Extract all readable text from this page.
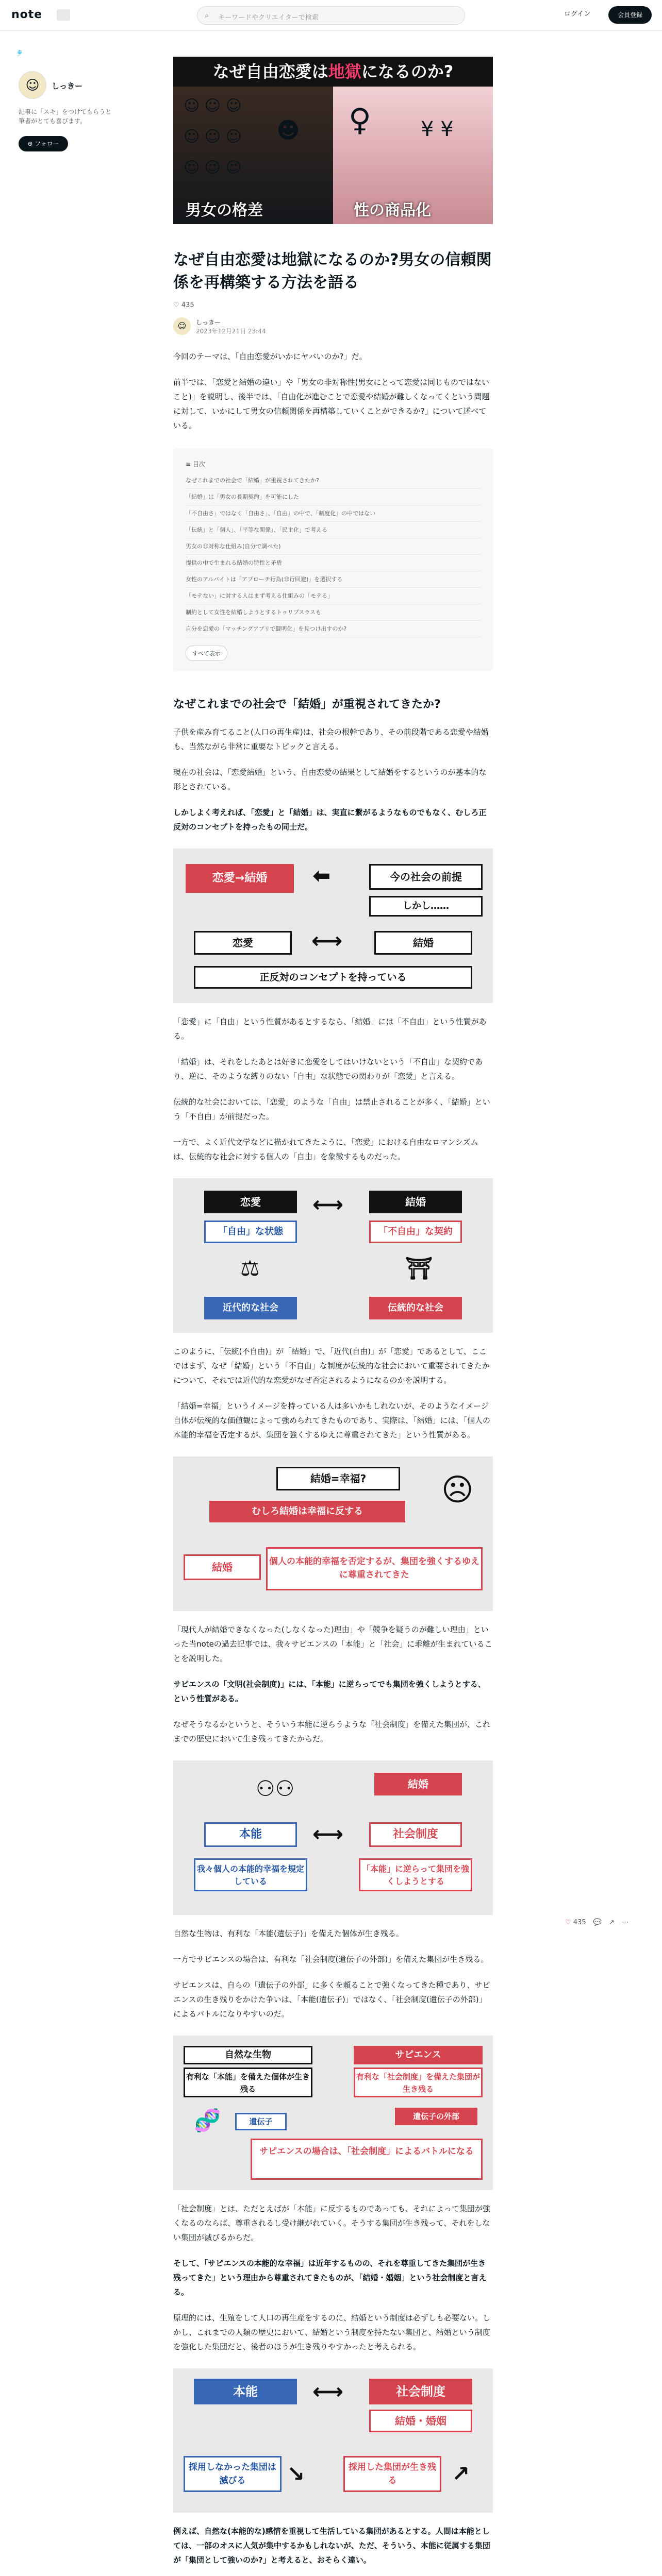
note	⌕ キーワードやクリエイターで検索	ログイン	会員登録
🎐
☺	しっきー
記事に「スキ」をつけてもらうと筆者がとても喜びます。
⊕ フォロー
なぜ自由恋愛は地獄になるのか?
☺ ☺ ☺
☺ ☺ ☺
☺ ☺ ☺
☻
男女の格差
♀ ¥ ¥
性の商品化
なぜ自由恋愛は地獄になるのか?男女の信頼関係を再構築する方法を語る
♡ 435
☺	しっきー
2023年12月21日 23:44

今回のテーマは、「自由恋愛がいかにヤバいのか?」だ。

前半では、「恋愛と結婚の違い」や「男女の非対称性(男女にとって恋愛は同じものではないこと)」を説明し、後半では、「自由化が進むことで恋愛や結婚が難しくなってくという問題に対して、いかにして男女の信頼関係を再構築していくことができるか?」について述べている。

≡ 目次
なぜこれまでの社会で「結婚」が重視されてきたか?
「結婚」は「男女の長期契約」を可能にした
「不自由さ」ではなく「自由さ」、「自由」の中で、「制度化」の中ではない
「伝統」と「個人」、「平等な関係」、「民主化」で考える
男女の非対称な仕組み(自分で調べた)
提供の中で生まれる結婚の特性と矛盾
女性のアルバイトは「アプローチ行為(非行回避)」を選択する
「モテない」に対する人はまず考える仕組みの「モテる」
制約として女性を結婚しようとするトゥリプスラスも
自分を恋愛の「マッチングアプリで賢明化」を見つけ出すのか?
すべて表示
なぜこれまでの社会で「結婚」が重視されてきたか?

子供を産み育てること(人口の再生産)は、社会の根幹であり、その前段階である恋愛や結婚も、当然ながら非常に重要なトピックと言える。

現在の社会は、「恋愛結婚」という、自由恋愛の結果として結婚をするというのが基本的な形とされている。

しかしよく考えれば、「恋愛」と「結婚」は、実直に繋がるようなものでもなく、むしろ正反対のコンセプトを持ったもの同士だ。

恋愛→結婚	今の社会の前提
⬅
しかし……
恋愛	⟷	結婚
正反対のコンセプトを持っている

「恋愛」に「自由」という性質があるとするなら、「結婚」には「不自由」という性質がある。

「結婚」は、それをしたあとは好きに恋愛をしてはいけないという「不自由」な契約であり、逆に、そのような縛りのない「自由」な状態での関わりが「恋愛」と言える。

伝統的な社会においては、「恋愛」のような「自由」は禁止されることが多く、「結婚」という「不自由」が前提だった。

一方で、よく近代文学などに描かれてきたように、「恋愛」における自由なロマンシズムは、伝統的な社会に対する個人の「自由」を象徴するものだった。

恋愛	結婚
⟷
「自由」な状態	「不自由」な契約
⚖	⛩
近代的な社会	伝統的な社会

このように、「伝統(不自由)」が「結婚」で、「近代(自由)」が「恋愛」であるとして、ここではまず、なぜ「結婚」という「不自由」な制度が伝統的な社会において重要されてきたかについて、それでは近代的な恋愛がなぜ否定されるようになるのかを説明する。

「結婚=幸福」というイメージを持っている人は多いかもしれないが、そのようなイメージ自体が伝統的な価値観によって強められてきたものであり、実際は、「結婚」には、「個人の本能的幸福を否定するが、集団を強くするゆえに尊重されてきた」という性質がある。

結婚=幸福?	☹
むしろ結婚は幸福に反する
結婚	個人の本能的幸福を否定するが、集団を強くするゆえに尊重されてきた

「現代人が結婚できなくなった(しなくなった)理由」や「競争を疑うのが難しい理由」といった当noteの過去記事では、我々サピエンスの「本能」と「社会」に乖離が生まれていることを説明した。

サピエンスの「文明(社会制度)」には、「本能」に逆らってでも集団を強くしようとする、という性質がある。

なぜそうなるかというと、そういう本能に逆らうような「社会制度」を備えた集団が、これまでの歴史において生き残ってきたからだ。

結婚
⚇⚇
本能	⟷	社会制度
我々個人の本能的幸福を規定している
「本能」に逆らって集団を強くしようとする

自然な生物は、有利な「本能(遺伝子)」を備えた個体が生き残る。

一方でサピエンスの場合は、有利な「社会制度(遺伝子の外部)」を備えた集団が生き残る。

サピエンスは、自らの「遺伝子の外部」に多くを頼ることで強くなってきた種であり、サピエンスの生き残りをかけた争いは、「本能(遺伝子)」ではなく、「社会制度(遺伝子の外部)」によるバトルになりやすいのだ。

自然な生物
有利な「本能」を備えた個体が生き残る
🧬	遺伝子
サピエンス
有利な「社会制度」を備えた集団が生き残る
遺伝子の外部
サピエンスの場合は、「社会制度」によるバトルになる

「社会制度」とは、ただとえばが「本能」に反するものであっても、それによって集団が強くなるのならば、尊重されるし受け継がれていく。そうする集団が生き残って、それをしない集団が滅びるからだ。

そして、「サピエンスの本能的な幸福」は近年するものの、それを尊重してきた集団が生き残ってきた」という理由から尊重されてきたものが、「結婚・婚姻」という社会制度と言える。

原理的には、生殖をして人口の再生産をするのに、結婚という制度は必ずしも必要ない。しかし、これまでの人類の歴史において、結婚という制度を持たない集団と、結婚という制度を強化した集団だと、後者のほうが生き残りやすかったと考えられる。

本能	⟷	社会制度
結婚・婚姻
採用しなかった集団は滅びる	↘	採用した集団が生き残る	↗

例えば、自然な(本能的な)感情を重視して生活している集団があるとする。人間は本能としては、一部のオスに人気が集中するかもしれないが、ただ、そういう、本能に従属する集団が「集団として強いのか?」と考えると、おそらく違い。

♡ 435 💬 ↗ ⋯
